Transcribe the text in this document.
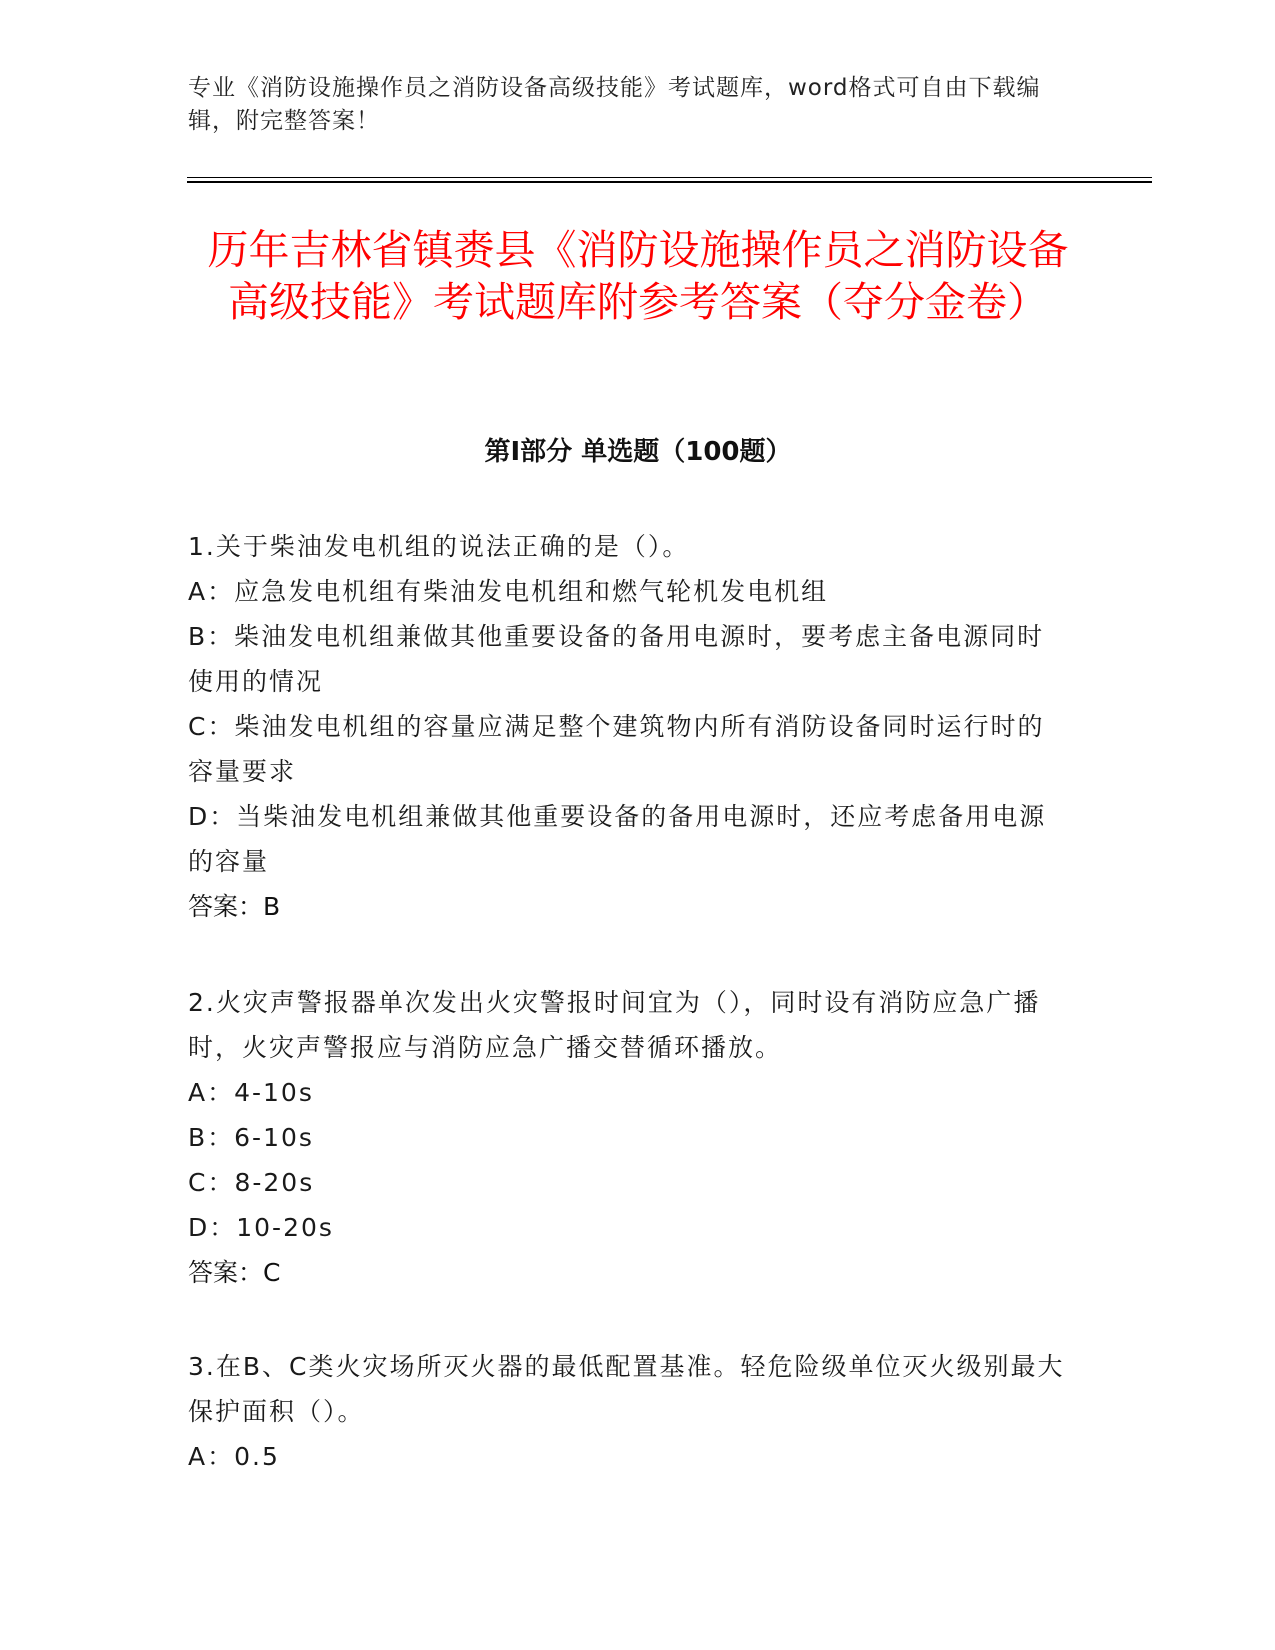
专业《消防设施操作员之消防设备高级技能》考试题库，word格式可自由下载编辑，附完整答案！
历年吉林省镇赉县《消防设施操作员之消防设备高级技能》考试题库附参考答案（夺分金卷）
第I部分 单选题（100题）

1.关于柴油发电机组的说法正确的是（）。

A：应急发电机组有柴油发电机组和燃气轮机发电机组

B：柴油发电机组兼做其他重要设备的备用电源时，要考虑主备电源同时使用的情况

C：柴油发电机组的容量应满足整个建筑物内所有消防设备同时运行时的容量要求

D：当柴油发电机组兼做其他重要设备的备用电源时，还应考虑备用电源的容量

答案：B

2.火灾声警报器单次发出火灾警报时间宜为（），同时设有消防应急广播时，火灾声警报应与消防应急广播交替循环播放。

A：4-10s

B：6-10s

C：8-20s

D：10-20s

答案：C

3.在B、C类火灾场所灭火器的最低配置基准。轻危险级单位灭火级别最大保护面积（）。

A：0.5
